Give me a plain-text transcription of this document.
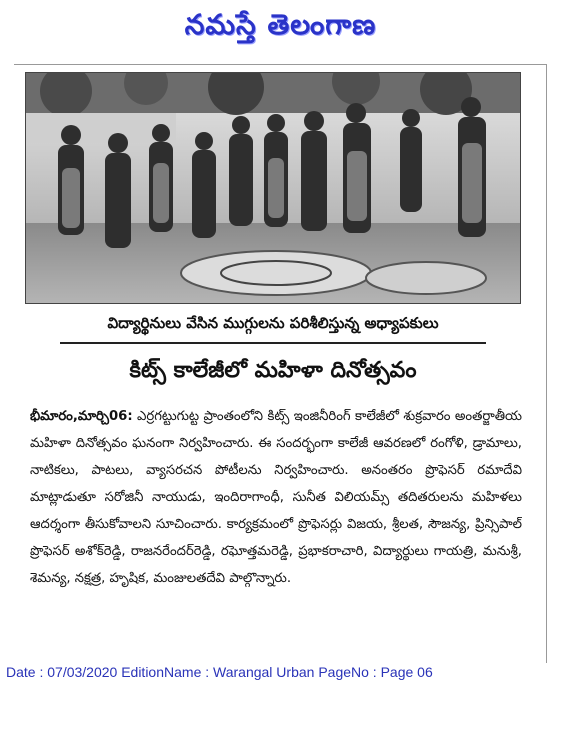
నమస్తే తెలంగాణ
విద్యార్థినులు వేసిన ముగ్గులను పరిశీలిస్తున్న అధ్యాపకులు
కిట్స్ కాలేజీలో మహిళా దినోత్సవం
భీమారం,మార్చి06: ఎర్రగట్టుగుట్ట ప్రాంతంలోని కిట్స్ ఇంజినీరింగ్ కాలేజీలో శుక్రవారం అంతర్జాతీయ మహిళా దినోత్సవం ఘనంగా నిర్వహించారు. ఈ సందర్భంగా కాలేజీ ఆవరణలో రంగోళి, డ్రామాలు, నాటికలు, పాటలు, వ్యాసరచన పోటీలను నిర్వహించారు. అనంతరం ప్రొఫెసర్ రమాదేవి మాట్లాడుతూ సరోజినీ నాయుడు, ఇందిరాగాంధీ, సునీత విలియమ్స్ తదితరులను మహిళలు ఆదర్శంగా తీసుకోవాలని సూచించారు. కార్యక్రమంలో ప్రొఫెసర్లు విజయ, శ్రీలత, సౌజన్య, ప్రిన్సిపాల్ ప్రొఫెసర్ అశోక్‌రెడ్డి, రాజనరేందర్‌రెడ్డి, రఘోత్తమరెడ్డి, ప్రభాకరాచారి, విద్యార్థులు గాయత్రి, మనుశ్రీ, శెమన్య, నక్షత్ర, హృషిక, మంజులతదేవి పాల్గొన్నారు.
Date : 07/03/2020 EditionName : Warangal Urban PageNo : Page 06
